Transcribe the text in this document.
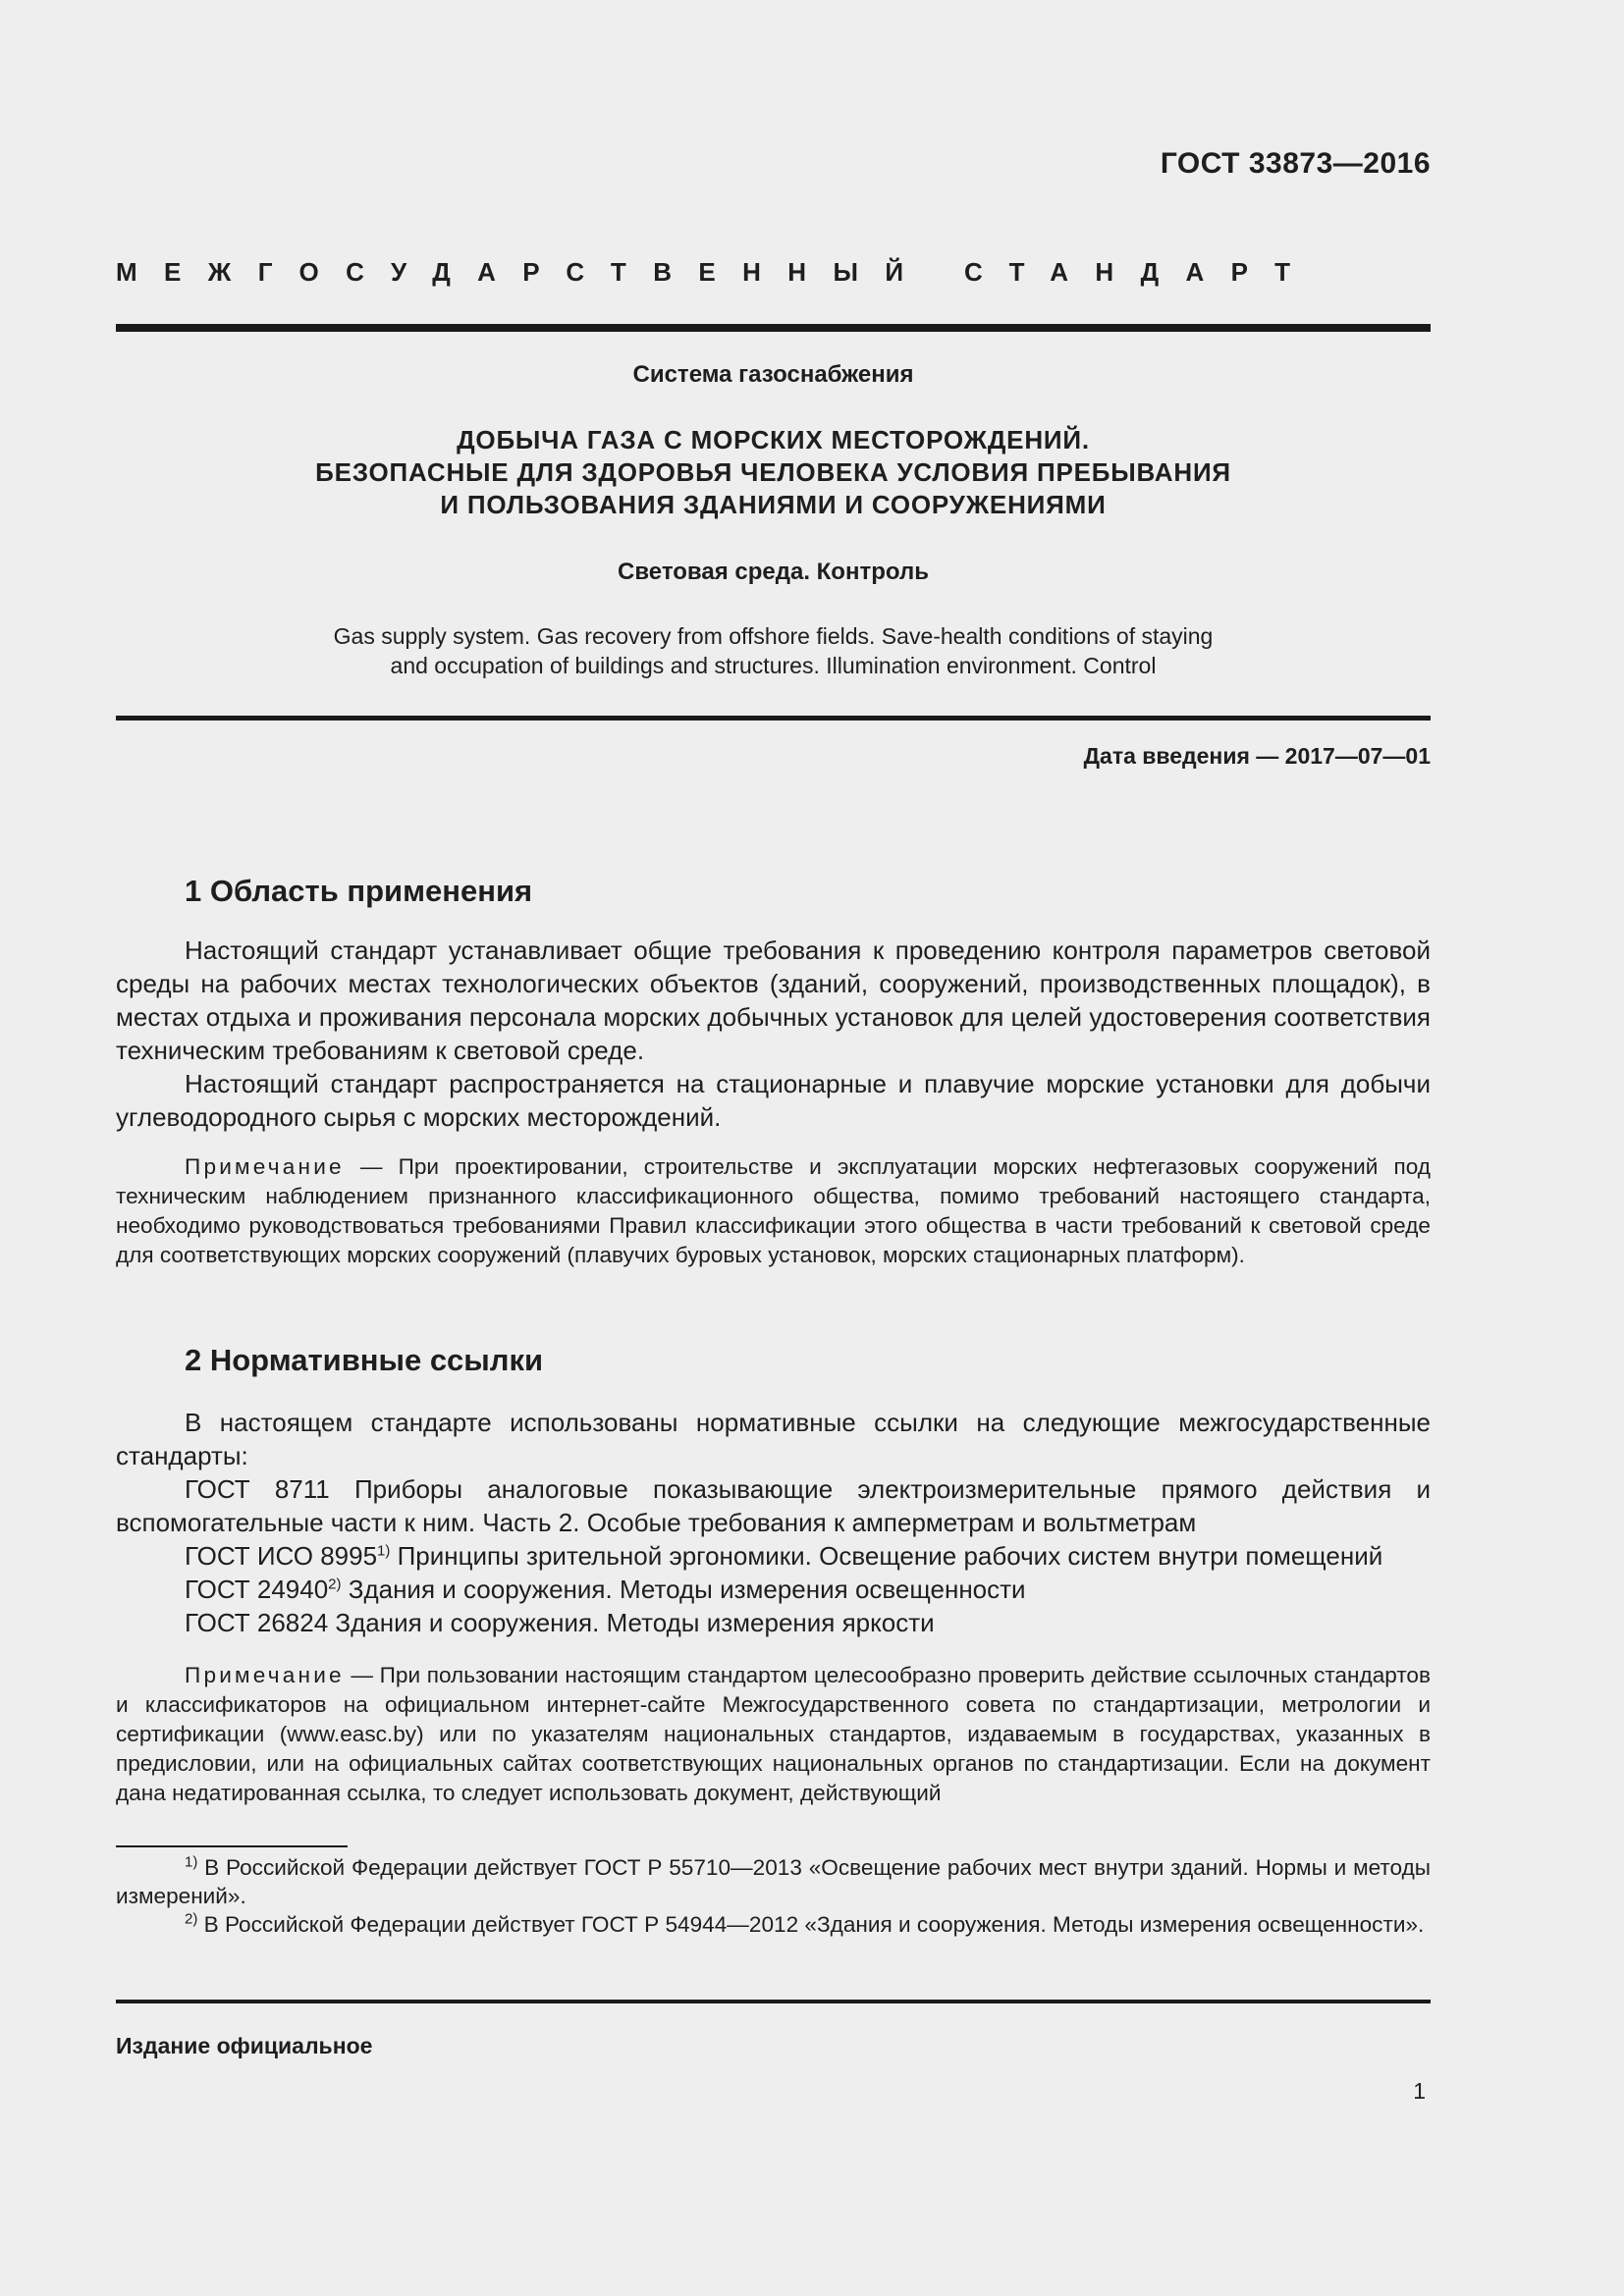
ГОСТ 33873—2016
МЕЖГОСУДАРСТВЕННЫЙ СТАНДАРТ
Система газоснабжения
ДОБЫЧА ГАЗА С МОРСКИХ МЕСТОРОЖДЕНИЙ.
БЕЗОПАСНЫЕ ДЛЯ ЗДОРОВЬЯ ЧЕЛОВЕКА УСЛОВИЯ ПРЕБЫВАНИЯ
И ПОЛЬЗОВАНИЯ ЗДАНИЯМИ И СООРУЖЕНИЯМИ
Световая среда. Контроль
Gas supply system. Gas recovery from offshore fields. Save-health conditions of staying
and occupation of buildings and structures. Illumination environment. Control
Дата введения — 2017—07—01
1 Область применения

Настоящий стандарт устанавливает общие требования к проведению контроля параметров световой среды на рабочих местах технологических объектов (зданий, сооружений, производственных площадок), в местах отдыха и проживания персонала морских добычных установок для целей удостоверения соответствия техническим требованиям к световой среде.

Настоящий стандарт распространяется на стационарные и плавучие морские установки для добычи углеводородного сырья с морских месторождений.

Примечание — При проектировании, строительстве и эксплуатации морских нефтегазовых сооружений под техническим наблюдением признанного классификационного общества, помимо требований настоящего стандарта, необходимо руководствоваться требованиями Правил классификации этого общества в части требований к световой среде для соответствующих морских сооружений (плавучих буровых установок, морских стационарных платформ).

2 Нормативные ссылки

В настоящем стандарте использованы нормативные ссылки на следующие межгосударственные стандарты:

ГОСТ 8711 Приборы аналоговые показывающие электроизмерительные прямого действия и вспомогательные части к ним. Часть 2. Особые требования к амперметрам и вольтметрам

ГОСТ ИСО 8995$^{1)}$ Принципы зрительной эргономики. Освещение рабочих систем внутри помещений
ГОСТ 24940$^{2)}$ Здания и сооружения. Методы измерения освещенности
ГОСТ 26824 Здания и сооружения. Методы измерения яркости

Примечание — При пользовании настоящим стандартом целесообразно проверить действие ссылочных стандартов и классификаторов на официальном интернет-сайте Межгосударственного совета по стандартизации, метрологии и сертификации (www.easc.by) или по указателям национальных стандартов, издаваемым в государствах, указанных в предисловии, или на официальных сайтах соответствующих национальных органов по стандартизации. Если на документ дана недатированная ссылка, то следует использовать документ, действующий

$^{1)}$ В Российской Федерации действует ГОСТ Р 55710—2013 «Освещение рабочих мест внутри зданий. Нормы и методы измерений».

$^{2)}$ В Российской Федерации действует ГОСТ Р 54944—2012 «Здания и сооружения. Методы измерения освещенности».

Издание официальное
1
